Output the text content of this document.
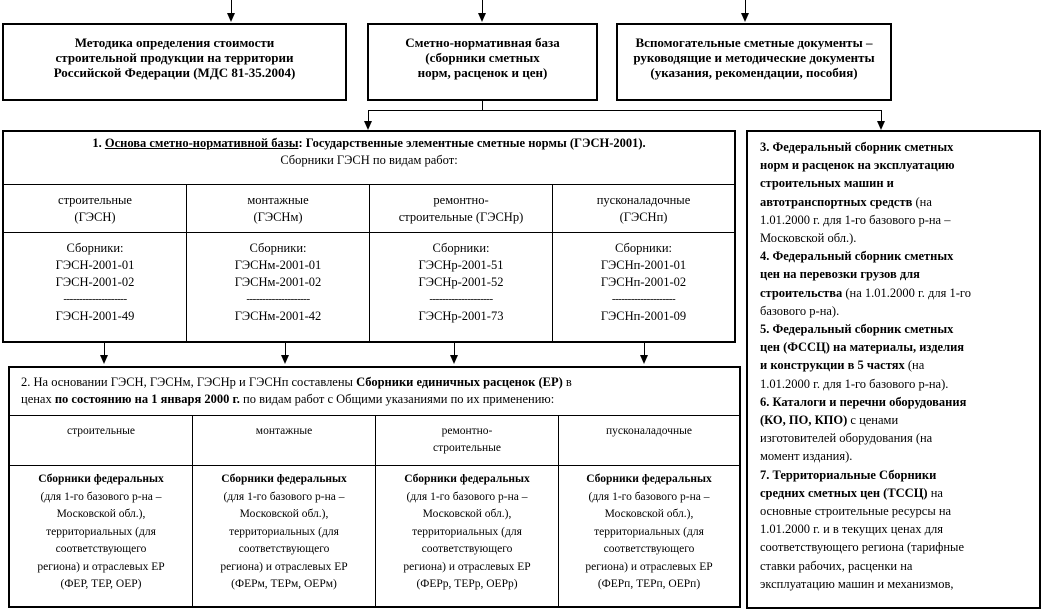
Методика определения стоимости
строительной продукции на территории
Российской Федерации (МДС 81-35.2004)
Сметно-нормативная база
(сборники сметных
норм, расценок и цен)
Вспомогательные сметные документы –
руководящие и методические документы
(указания, рекомендации, пособия)
1. Основа сметно-нормативной базы: Государственные элементные сметные нормы (ГЭСН-2001).
Сборники ГЭСН по видам работ:
строительные
(ГЭСН)
Сборники:
ГЭСН-2001-01
ГЭСН-2001-02
--------------------
ГЭСН-2001-49
монтажные
(ГЭСНм)
Сборники:
ГЭСНм-2001-01
ГЭСНм-2001-02
--------------------
ГЭСНм-2001-42
ремонтно-
строительные (ГЭСНр)
Сборники:
ГЭСНр-2001-51
ГЭСНр-2001-52
--------------------
ГЭСНр-2001-73
пусконаладочные
(ГЭСНп)
Сборники:
ГЭСНп-2001-01
ГЭСНп-2001-02
--------------------
ГЭСНп-2001-09
2. На основании ГЭСН, ГЭСНм, ГЭСНр и ГЭСНп составлены Сборники единичных расценок (ЕР) в
ценах по состоянию на 1 января 2000 г. по видам работ с Общими указаниями по их применению:
строительные
Сборники федеральных
(для 1-го базового р-на –
Московской обл.),
территориальных (для
соответствующего
региона) и отраслевых ЕР
(ФЕР, ТЕР, ОЕР)
монтажные
Сборники федеральных
(для 1-го базового р-на –
Московской обл.),
территориальных (для
соответствующего
региона) и отраслевых ЕР
(ФЕРм, ТЕРм, ОЕРм)
ремонтно-
строительные
Сборники федеральных
(для 1-го базового р-на –
Московской обл.),
территориальных (для
соответствующего
региона) и отраслевых ЕР
(ФЕРр, ТЕРр, ОЕРр)
пусконаладочные
Сборники федеральных
(для 1-го базового р-на –
Московской обл.),
территориальных (для
соответствующего
региона) и отраслевых ЕР
(ФЕРп, ТЕРп, ОЕРп)
3. Федеральный сборник сметных
норм и расценок на эксплуатацию
строительных машин и
автотранспортных средств (на
1.01.2000 г. для 1-го базового р-на –
Московской обл.).
4. Федеральный сборник сметных
цен на перевозки грузов для
строительства (на 1.01.2000 г. для 1-го
базового р-на).
5. Федеральный сборник сметных
цен (ФССЦ) на материалы, изделия
и конструкции в 5 частях (на
1.01.2000 г. для 1-го базового р-на).
6. Каталоги и перечни оборудования
(КО, ПО, КПО) с ценами
изготовителей оборудования (на
момент издания).
7. Территориальные Сборники
средних сметных цен (ТССЦ) на
основные строительные ресурсы на
1.01.2000 г. и в текущих ценах для
соответствующего региона (тарифные
ставки рабочих, расценки на
эксплуатацию машин и механизмов,
